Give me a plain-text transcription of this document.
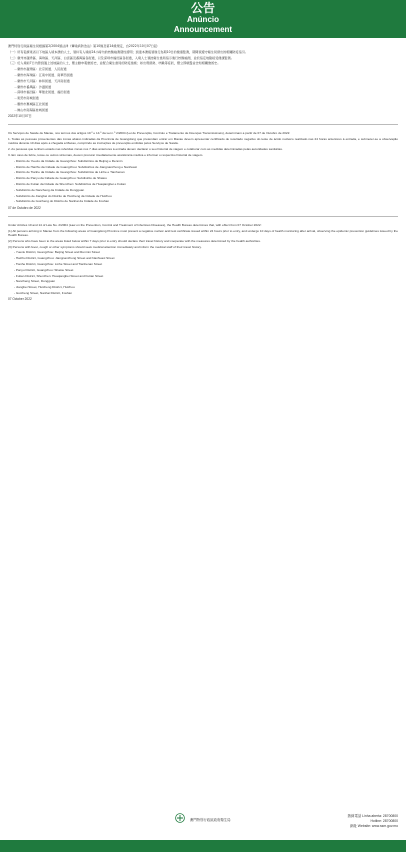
公告
Anúncio
Announcement

澳門特別行政區衛生局根據第2/2004號法律《傳染病防治法》第10條及第14條規定，自2022年10月07日起：

（一）所有從廣東省以下地區入境本澳的人士，須持有入境前24小時內的核酸檢測陰性證明；到達本澳後須進行為期10日的健康監測，期間須遵守衛生局發出的相關防疫指引。

（二）廣州市越秀區、海珠區、天河區、白雲區及番禺區各街道，以及深圳市福田區各街道，入境人士須按衛生當局指示進行核酸檢測，並於指定地點接受健康監測。

（三）於入境前7日內曾到過上述地區的人士，應主動申報旅遊史，並配合衛生當局的防疫措施；如出現發熱、咳嗽等症狀，應立即就醫並告知相關旅遊史。

－廣州市越秀區：北京街道、人民街道
－廣州市海珠區：江南中街道、南華西街道
－廣州市天河區：林和街道、天河南街道
－廣州市番禺區：沙頭街道
－深圳市福田區：華強北街道、福田街道
－東莞市南城街道
－惠州市惠城區江北街道
－佛山市南海區桂城街道
2022年10月07日

Os Serviços de Saúde de Macau, nos termos dos artigos 10.º e 14.º da Lei n.º 2/2004 (Lei de Prevenção, Controlo e Tratamento de Doenças Transmissíveis), determinam a partir de 07 de Outubro de 2022:

1. Todas as pessoas provenientes das zonas abaixo indicadas da Província de Guangdong que pretendam entrar em Macau devem apresentar certificado de resultado negativo do teste de ácido nucleico realizado nas 24 horas anteriores à entrada, e submeter-se a observação médica durante 10 dias após a chegada a Macau, cumprindo as instruções de prevenção emitidas pelos Serviços de Saúde.

2. As pessoas que tenham estado nas referidas zonas nos 7 dias anteriores à entrada devem declarar o seu historial de viagem e colaborar com as medidas determinadas pelas autoridades sanitárias.

3. Em caso de febre, tosse ou outros sintomas, devem procurar imediatamente assistência médica e informar o respectivo historial de viagem.

- Distrito de Yuexiu da Cidade de Guangzhou: Subdistritos de Beijing e Renmin
- Distrito de Haizhu da Cidade de Guangzhou: Subdistritos de Jiangnanzhong e Nanhuaxi
- Distrito de Tianhe da Cidade de Guangzhou: Subdistritos de Linhe e Tianhenan
- Distrito de Panyu da Cidade de Guangzhou: Subdistrito de Shatou
- Distrito de Futian da Cidade de Shenzhen: Subdistritos de Huaqiangbei e Futian
- Subdistrito de Nancheng da Cidade de Dongguan
- Subdistrito de Jiangbei do Distrito de Huicheng da Cidade de Huizhou
- Subdistrito de Guicheng do Distrito de Nanhai da Cidade de Foshan
07 de Outubro de 2022

Under Articles 10 and 14 of Law No. 2/2004 (Law on the Prevention, Control and Treatment of Infectious Diseases), the Health Bureau determines that, with effect from 07 October 2022:

(1) All persons arriving in Macao from the following areas of Guangdong Province must present a negative nucleic acid test certificate issued within 24 hours prior to entry, and undergo 10 days of health monitoring after arrival, observing the epidemic prevention guidelines issued by the Health Bureau.

(2) Persons who have been to the areas listed below within 7 days prior to entry should declare their travel history and cooperate with the measures determined by the health authorities.

(3) Persons with fever, cough or other symptoms should seek medical attention immediately and inform the medical staff of their travel history.

- Yuexiu District, Guangzhou: Beijing Street and Renmin Street
- Haizhu District, Guangzhou: Jiangnanzhong Street and Nanhuaxi Street
- Tianhe District, Guangzhou: Linhe Street and Tianhenan Street
- Panyu District, Guangzhou: Shatou Street
- Futian District, Shenzhen: Huaqiangbei Street and Futian Street
- Nancheng Street, Dongguan
- Jiangbei Street, Huicheng District, Huizhou
- Guicheng Street, Nanhai District, Foshan
07 October 2022
澳門特別行政區政府衛生局
熱線電話 Linha aberta: 28700800
Hotline: 28700800
網址 Website: www.ssm.gov.mo
